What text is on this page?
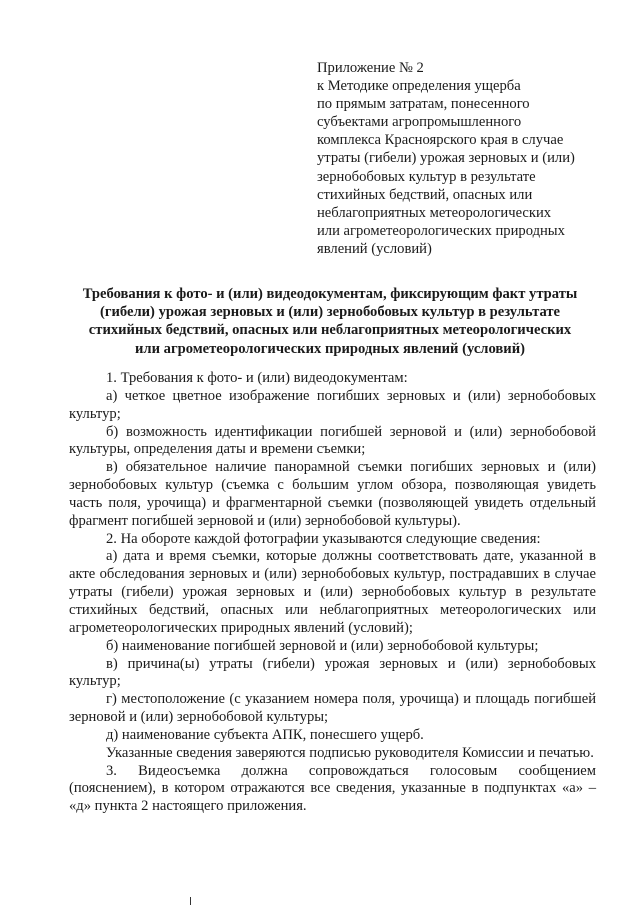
Приложение № 2
к Методике определения ущерба
по прямым затратам, понесенного
субъектами агропромышленного
комплекса Красноярского края в случае
утраты (гибели) урожая зерновых и (или)
зернобобовых культур в результате
стихийных бедствий, опасных или
неблагоприятных метеорологических
или агрометеорологических природных
явлений (условий)
Требования к фото- и (или) видеодокументам, фиксирующим факт утраты
(гибели) урожая зерновых и (или) зернобобовых культур в результате
стихийных бедствий, опасных или неблагоприятных метеорологических
или агрометеорологических природных явлений (условий)

1. Требования к фото- и (или) видеодокументам:

а) четкое цветное изображение погибших зерновых и (или) зернобобовых культур;

б) возможность идентификации погибшей зерновой и (или) зернобобовой культуры, определения даты и времени съемки;

в) обязательное наличие панорамной съемки погибших зерновых и (или) зернобобовых культур (съемка с большим углом обзора, позволяющая увидеть часть поля, урочища) и фрагментарной съемки (позволяющей увидеть отдельный фрагмент погибшей зерновой и (или) зернобобовой культуры).

2. На обороте каждой фотографии указываются следующие сведения:

а) дата и время съемки, которые должны соответствовать дате, указанной в акте обследования зерновых и (или) зернобобовых культур, пострадавших в случае утраты (гибели) урожая зерновых и (или) зернобобовых культур в результате стихийных бедствий, опасных или неблагоприятных метеорологических или агрометеорологических природных явлений (условий);

б) наименование погибшей зерновой и (или) зернобобовой культуры;

в) причина(ы) утраты (гибели) урожая зерновых и (или) зернобобовых культур;

г) местоположение (с указанием номера поля, урочища) и площадь погибшей зерновой и (или) зернобобовой культуры;

д) наименование субъекта АПК, понесшего ущерб.

Указанные сведения заверяются подписью руководителя Комиссии и печатью.

3. Видеосъемка должна сопровождаться голосовым сообщением (пояснением), в котором отражаются все сведения, указанные в подпунктах «а» – «д» пункта 2 настоящего приложения.
